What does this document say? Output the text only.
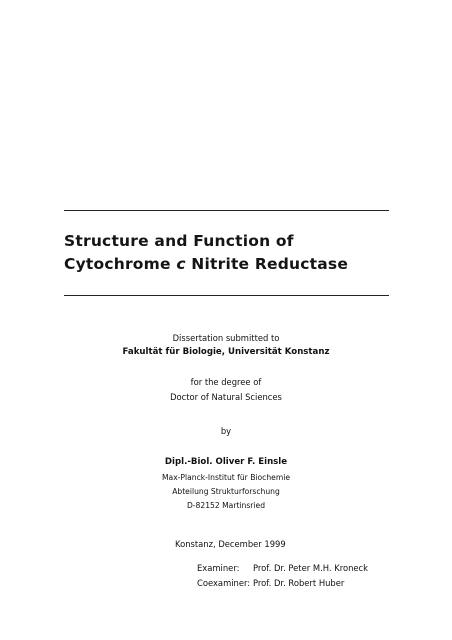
Structure and Function of
Cytochrome c Nitrite Reductase
Dissertation submitted to
Fakultät für Biologie, Universität Konstanz
for the degree of
Doctor of Natural Sciences
by
Dipl.-Biol. Oliver F. Einsle
Max-Planck-Institut für Biochemie
Abteilung Strukturforschung
D-82152 Martinsried
Konstanz, December 1999
Examiner: Prof. Dr. Peter M.H. Kroneck
Coexaminer: Prof. Dr. Robert Huber
